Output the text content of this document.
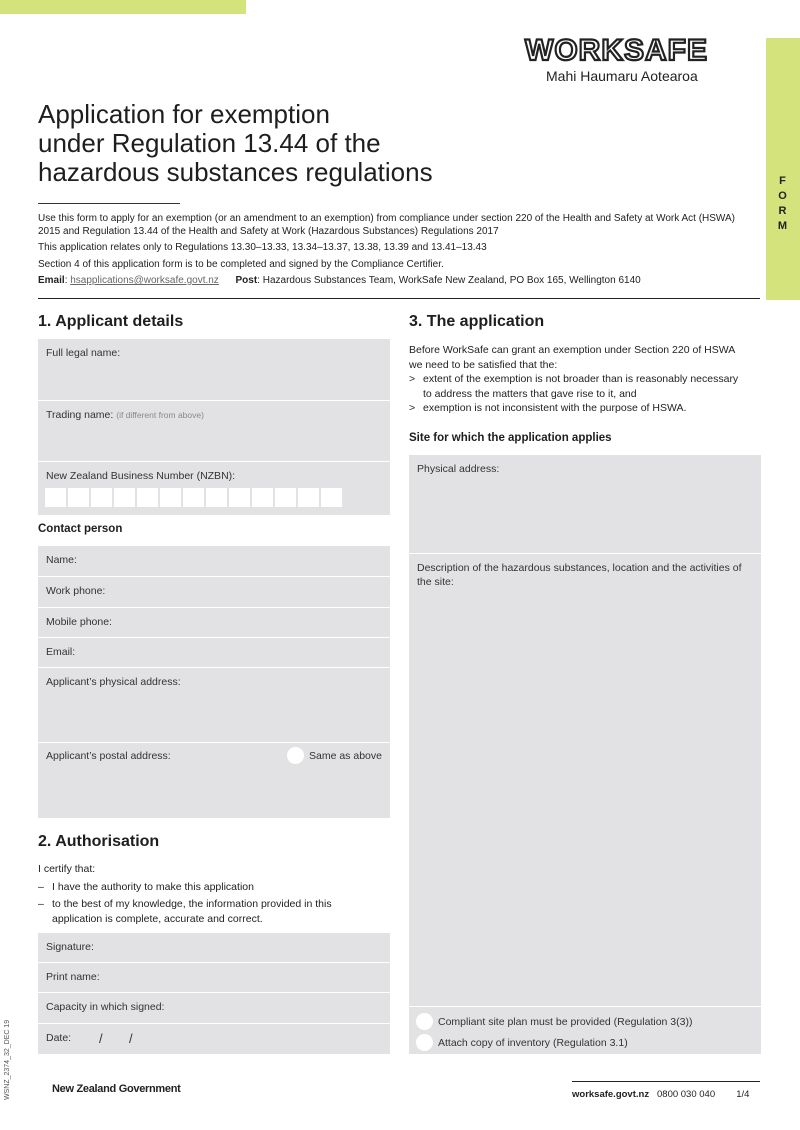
F
O
R
M
WORKSAFE
Mahi Haumaru Aotearoa
Application for exemption
under Regulation 13.44 of the
hazardous substances regulations

Use this form to apply for an exemption (or an amendment to an exemption) from compliance under section 220 of the Health and Safety at Work Act (HSWA) 2015 and Regulation 13.44 of the Health and Safety at Work (Hazardous Substances) Regulations 2017

This application relates only to Regulations 13.30–13.33, 13.34–13.37, 13.38, 13.39 and 13.41–13.43

Section 4 of this application form is to be completed and signed by the Compliance Certifier.

Email: hsapplications@worksafe.govt.nz Post: Hazardous Substances Team, WorkSafe New Zealand, PO Box 165, Wellington 6140

1. Applicant details
Full legal name:
Trading name: (if different from above)
New Zealand Business Number (NZBN):
Contact person
Name:
Work phone:
Mobile phone:
Email:
Applicant’s physical address:
Applicant’s postal address:	Same as above
2. Authorisation
I certify that:
– I have the authority to make this application
– to the best of my knowledge, the information provided in this application is complete, accurate and correct.
Signature:
Print name:
Capacity in which signed:
Date:	/ /
3. The application
Before WorkSafe can grant an exemption under Section 220 of HSWA we need to be satisfied that the:
> extent of the exemption is not broader than is reasonably necessary to address the matters that gave rise to it, and
> exemption is not inconsistent with the purpose of HSWA.
Site for which the application applies
Physical address:
Description of the hazardous substances, location and the activities of the site:
Compliant site plan must be provided (Regulation 3(3))
Attach copy of inventory (Regulation 3.1)
WSNZ_2374_32_DEC 19	New Zealand Government	worksafe.govt.nz 0800 030 040 1/4
